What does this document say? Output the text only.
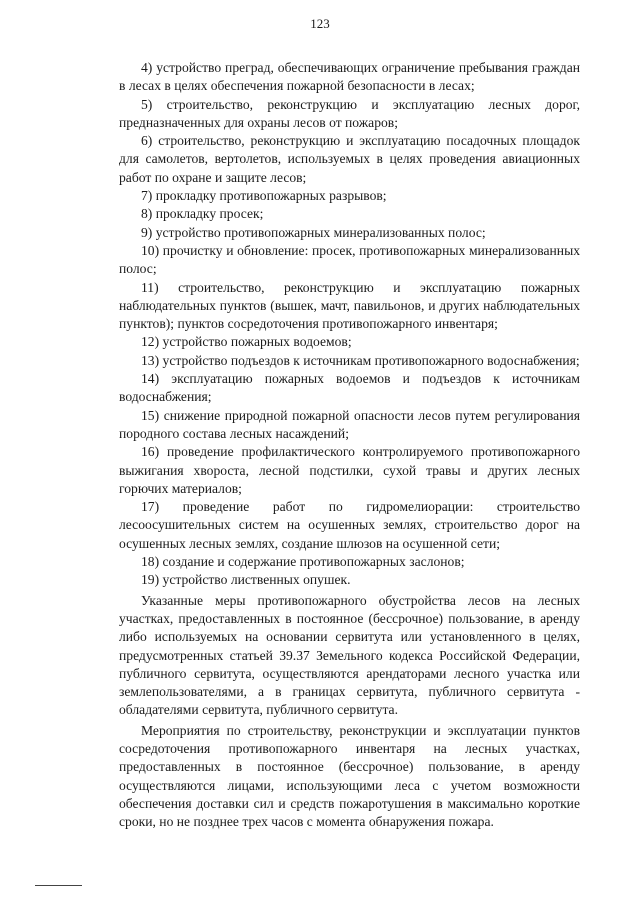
123

4) устройство преград, обеспечивающих ограничение пребывания граждан в лесах в целях обеспечения пожарной безопасности в лесах;

5) строительство, реконструкцию и эксплуатацию лесных дорог, предназначенных для охраны лесов от пожаров;

6) строительство, реконструкцию и эксплуатацию посадочных площадок для самолетов, вертолетов, используемых в целях проведения авиационных работ по охране и защите лесов;

7) прокладку противопожарных разрывов;

8) прокладку просек;

9) устройство противопожарных минерализованных полос;

10) прочистку и обновление: просек, противопожарных минерализованных полос;

11) строительство, реконструкцию и эксплуатацию пожарных наблюдательных пунктов (вышек, мачт, павильонов, и других наблюдательных пунктов); пунктов сосредоточения противопожарного инвентаря;

12) устройство пожарных водоемов;

13) устройство подъездов к источникам противопожарного водоснабжения;

14) эксплуатацию пожарных водоемов и подъездов к источникам водоснабжения;

15) снижение природной пожарной опасности лесов путем регулирования породного состава лесных насаждений;

16) проведение профилактического контролируемого противопожарного выжигания хвороста, лесной подстилки, сухой травы и других лесных горючих материалов;

17) проведение работ по гидромелиорации: строительство лесоосушительных систем на осушенных землях, строительство дорог на осушенных лесных землях, создание шлюзов на осушенной сети;

18) создание и содержание противопожарных заслонов;

19) устройство лиственных опушек.

Указанные меры противопожарного обустройства лесов на лесных участках, предоставленных в постоянное (бессрочное) пользование, в аренду либо используемых на основании сервитута или установленного в целях, предусмотренных статьей 39.37 Земельного кодекса Российской Федерации, публичного сервитута, осуществляются арендаторами лесного участка или землепользователями, а в границах сервитута, публичного сервитута - обладателями сервитута, публичного сервитута.

Мероприятия по строительству, реконструкции и эксплуатации пунктов сосредоточения противопожарного инвентаря на лесных участках, предоставленных в постоянное (бессрочное) пользование, в аренду осуществляются лицами, использующими леса с учетом возможности обеспечения доставки сил и средств пожаротушения в максимально короткие сроки, но не позднее трех часов с момента обнаружения пожара.
